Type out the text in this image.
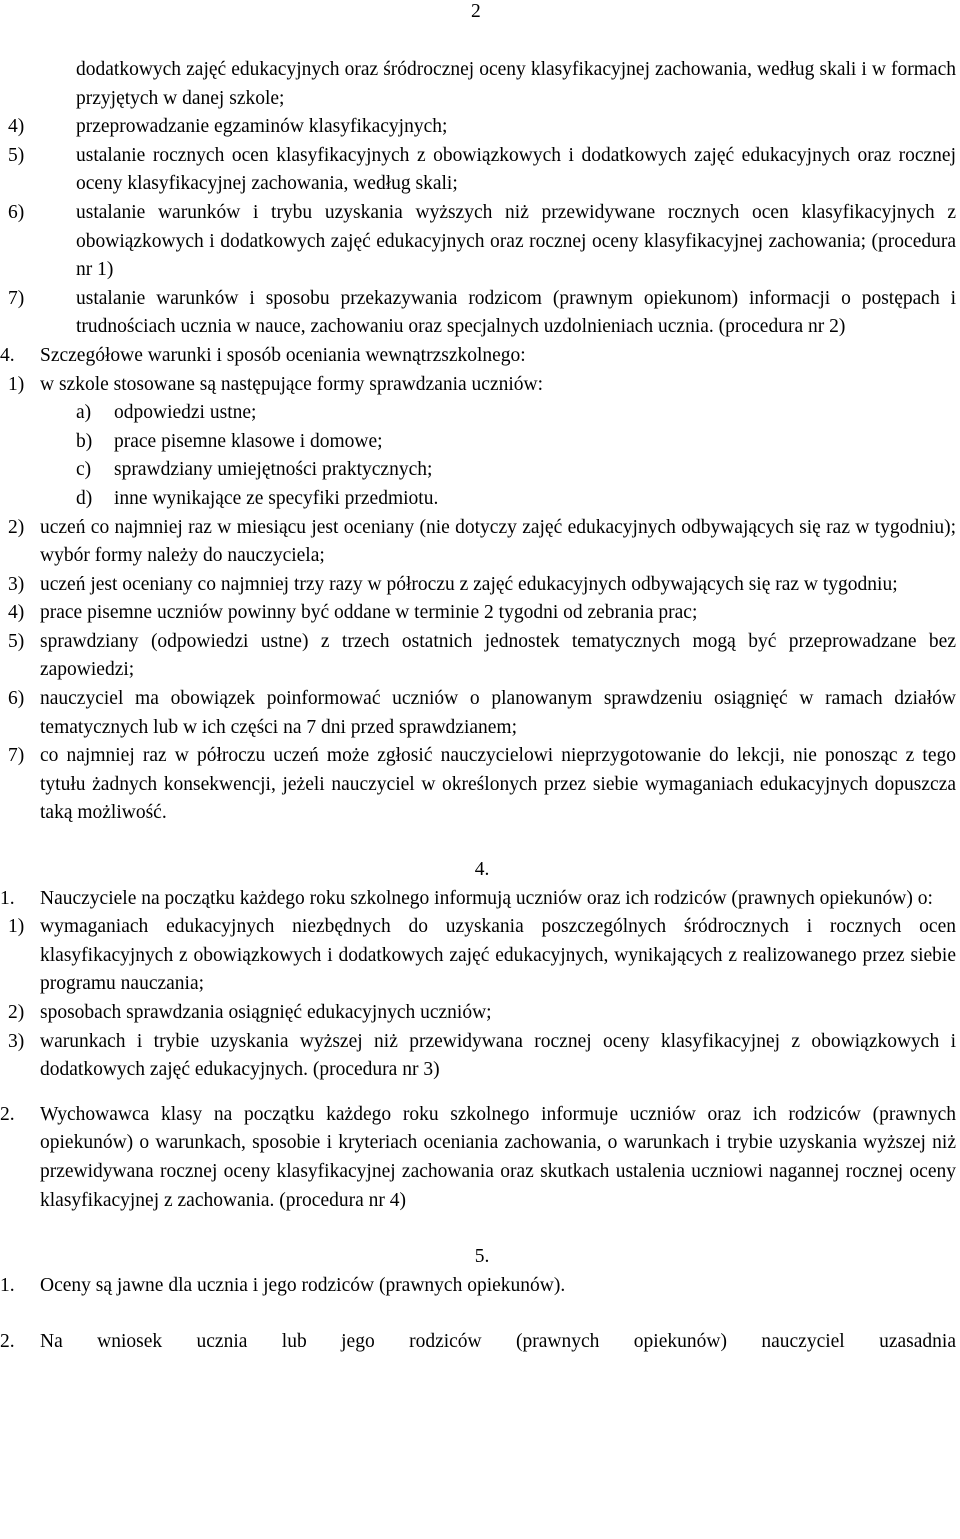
2

dodatkowych zajęć edukacyjnych oraz śródrocznej oceny klasyfikacyjnej zachowania, według skali i w formach przyjętych w danej szkole;

4)	przeprowadzanie egzaminów klasyfikacyjnych;
5)	ustalanie rocznych ocen klasyfikacyjnych z obowiązkowych i dodatkowych zajęć edukacyjnych oraz rocznej oceny klasyfikacyjnej zachowania, według skali;
6)	ustalanie warunków i trybu uzyskania wyższych niż przewidywane rocznych ocen klasyfikacyjnych z obowiązkowych i dodatkowych zajęć edukacyjnych oraz rocznej oceny klasyfikacyjnej zachowania; (procedura nr 1)
7)	ustalanie warunków i sposobu przekazywania rodzicom (prawnym opiekunom) informacji o postępach i trudnościach ucznia w nauce, zachowaniu oraz specjalnych uzdolnieniach ucznia. (procedura nr 2)
4. Szczegółowe warunki i sposób oceniania wewnątrzszkolnego:
1) w szkole stosowane są następujące formy sprawdzania uczniów:
a) odpowiedzi ustne;
b) prace pisemne klasowe i domowe;
c) sprawdziany umiejętności praktycznych;
d) inne wynikające ze specyfiki przedmiotu.
2) uczeń co najmniej raz w miesiącu jest oceniany (nie dotyczy zajęć edukacyjnych odbywających się raz w tygodniu); wybór formy należy do nauczyciela;
3) uczeń jest oceniany co najmniej trzy razy w półroczu z zajęć edukacyjnych odbywających się raz w tygodniu;
4) prace pisemne uczniów powinny być oddane w terminie 2 tygodni od zebrania prac;
5) sprawdziany (odpowiedzi ustne) z trzech ostatnich jednostek tematycznych mogą być przeprowadzane bez zapowiedzi;
6) nauczyciel ma obowiązek poinformować uczniów o planowanym sprawdzeniu osiągnięć w ramach działów tematycznych lub w ich części na 7 dni przed sprawdzianem;
7) co najmniej raz w półroczu uczeń może zgłosić nauczycielowi nieprzygotowanie do lekcji, nie ponosząc z tego tytułu żadnych konsekwencji, jeżeli nauczyciel w określonych przez siebie wymaganiach edukacyjnych dopuszcza taką możliwość.

4.

1. Nauczyciele na początku każdego roku szkolnego informują uczniów oraz ich rodziców (prawnych opiekunów) o:
1) wymaganiach edukacyjnych niezbędnych do uzyskania poszczególnych śródrocznych i rocznych ocen klasyfikacyjnych z obowiązkowych i dodatkowych zajęć edukacyjnych, wynikających z realizowanego przez siebie programu nauczania;
2) sposobach sprawdzania osiągnięć edukacyjnych uczniów;
3) warunkach i trybie uzyskania wyższej niż przewidywana rocznej oceny klasyfikacyjnej z obowiązkowych i dodatkowych zajęć edukacyjnych. (procedura nr 3)
2. Wychowawca klasy na początku każdego roku szkolnego informuje uczniów oraz ich rodziców (prawnych opiekunów) o warunkach, sposobie i kryteriach oceniania zachowania, o warunkach i trybie uzyskania wyższej niż przewidywana rocznej oceny klasyfikacyjnej zachowania oraz skutkach ustalenia uczniowi nagannej rocznej oceny klasyfikacyjnej z zachowania. (procedura nr 4)

5.

1. Oceny są jawne dla ucznia i jego rodziców (prawnych opiekunów).
2. Na wniosek ucznia lub jego rodziców (prawnych opiekunów) nauczyciel uzasadnia
